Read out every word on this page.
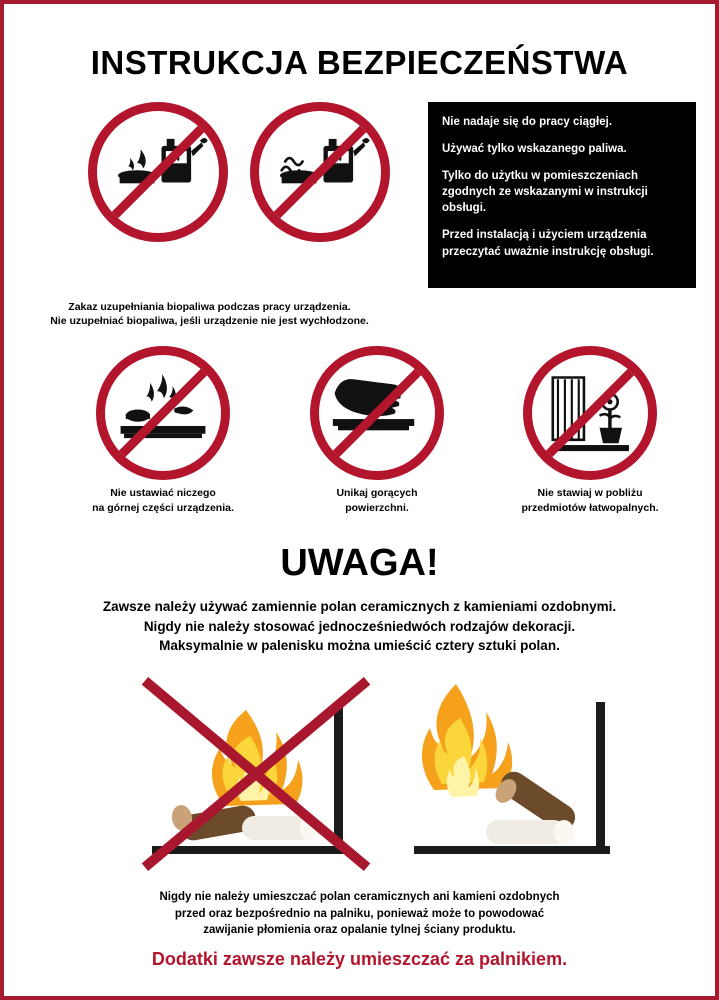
INSTRUKCJA BEZPIECZEŃSTWA

Nie nadaje się do pracy ciągłej.

Używać tylko wskazanego paliwa.

Tylko do użytku w pomieszczeniach zgodnych ze wskazanymi w instrukcji obsługi.

Przed instalacją i użyciem urządzenia przeczytać uważnie instrukcję obsługi.

Zakaz uzupełniania biopaliwa podczas pracy urządzenia.
Nie uzupełniać biopaliwa, jeśli urządzenie nie jest wychłodzone.
Nie ustawiać niczego
na górnej części urządzenia.
Unikaj gorących
powierzchni.
Nie stawiaj w pobliżu
przedmiotów łatwopalnych.
UWAGA!
Zawsze należy używać zamiennie polan ceramicznych z kamieniami ozdobnymi.
Nigdy nie należy stosować jednocześniedwóch rodzajów dekoracji.
Maksymalnie w palenisku można umieścić cztery sztuki polan.
Nigdy nie należy umieszczać polan ceramicznych ani kamieni ozdobnych
przed oraz bezpośrednio na palniku, ponieważ może to powodować
zawijanie płomienia oraz opalanie tylnej ściany produktu.
Dodatki zawsze należy umieszczać za palnikiem.
